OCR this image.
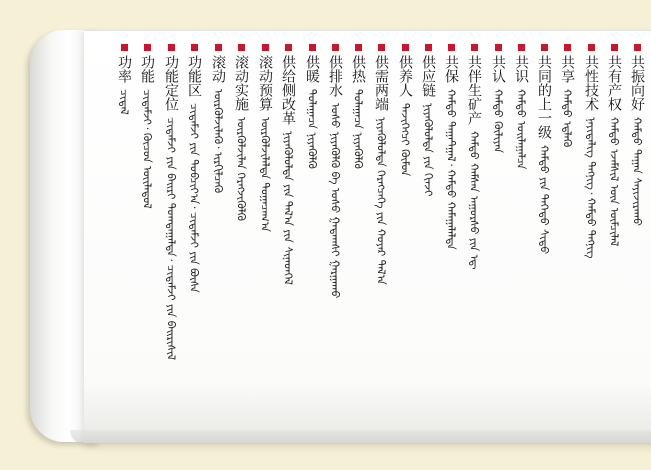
共振向好
ᠬᠠᠮᠲᠤ ᠳᠠᠭᠠᠨ ᠰᠠᠶᠢᠵᠢᠷᠠᠬᠤ
共有产权
ᠬᠠᠮᠲᠤ ᠡᠵᠡᠮᠰᠢᠯ ᠦᠨ ᠦᠮᠴᠢᠯᠡᠯ
共性技术
ᠨᠡᠶᠢᠲᠡᠯᠢᠭ ᠲᠡᠭᠨᠢᠭ᠂ ᠬᠠᠮᠲᠤ ᠲᠡᠭᠨᠢᠭ
共享
ᠬᠠᠮᠲᠤ ᠡᠳ᠋ᠯᠡᠬᠦ
共同的上一级
ᠬᠠᠮᠲᠤ ᠶᠢᠨ ᠳᠡᠭᠡᠳᠦ ᠰᠢᠲᠦ
共识
ᠬᠠᠮᠲᠤ ᠣᠢᠯᠠᠭᠠᠯᠴᠠ
共认
ᠬᠠᠮᠲᠤ ᠬᠦᠯᠢᠶᠡᠨ
共伴生矿产
ᠬᠠᠮᠲᠤ ᠬᠠᠮᠰᠠᠨ ᠠᠭᠤᠷᠰᠤ ᠶᠢᠨ ᠡᠳ᠋
共保
ᠬᠠᠮᠲᠤ ᠳᠠᠭᠠᠲᠭᠠᠯ᠂ ᠬᠠᠮᠲᠤ ᠬᠠᠮᠠᠭᠠᠯᠠᠯᠲᠠ
供应链
ᠨᠢᠶᠡᠭᠦᠯᠦᠯᠲᠡ ᠶᠢᠨ ᠭᠢᠨᠵᠢ
供养人
ᠲᠡᠵᠢᠭᠡᠭᠴᠢ ᠬᠦᠮᠦᠨ
供需两端
ᠨᠢᠶᠡᠭᠦᠯᠦᠯᠲᠡ ᠬᠡᠷᠡᠭᠴᠡᠭᠡ ᠶᠢᠨ ᠬᠣᠶᠠᠷ ᠲᠠᠯ᠎ᠠ
供热
ᠳᠤᠯᠠᠭᠠᠴᠠ ᠨᠢᠶᠡᠭᠦᠯᠬᠦ
供排水
ᠤᠰᠤ ᠨᠢᠶᠡᠭᠦᠯᠬᠦ ᠪᠠ ᠤᠰᠤ ᠭᠠᠳᠠᠭᠰᠢ ᠭᠠᠷᠭᠠᠬᠤ
供暖
ᠳᠤᠯᠠᠭᠠᠴᠠ ᠨᠢᠶᠡᠭᠦᠯᠬᠦ
供给侧改革
ᠨᠢᠶᠡᠭᠦᠯᠦᠯᠲᠡ ᠶᠢᠨ ᠲᠠᠯ᠎ᠠ ᠶᠢᠨ ᠰᠢᠨᠡᠳᠭᠡᠯ
滚动预算
ᠦᠷᠭᠦᠯᠵᠢᠯᠡᠯᠲᠡ ᠲᠣᠭᠠᠴᠠᠭ᠎ᠠ
滚动实施
ᠦᠷᠭᠦᠯᠵᠢᠯᠡᠨ ᠬᠡᠷᠡᠭᠵᠢᠭᠦᠯᠬᠦ
滚动
ᠦᠷᠭᠦᠯᠵᠢᠯᠡᠬᠦ᠂ ᠢᠷᠭᠢᠯᠴᠡᠬᠦ
功能区
ᠴᠢᠳᠠᠮᠵᠢ ᠶᠢᠨ ᠲᠣᠪᠴᠢᠶ᠎ᠠ᠂ ᠴᠢᠳᠠᠮᠵᠢ ᠶᠢᠨ ᠪᠦᠰᠡ
功能定位
ᠴᠢᠳᠠᠮᠵᠢ ᠶᠢᠨ ᠪᠠᠢᠷᠢ ᠲᠣᠭᠲᠠᠭᠠᠯᠲᠠ᠂ ᠴᠢᠳᠠᠮᠵᠢ ᠶᠢᠨ ᠪᠠᠢᠷᠢᠰᠢᠯ
功能
ᠴᠢᠳᠠᠮᠵᠢ᠂ ᠬᠦᠴᠦᠨ ᠦᠢᠯᠡᠳᠦᠯ
功率
ᠴᠢᠳᠠᠯ
